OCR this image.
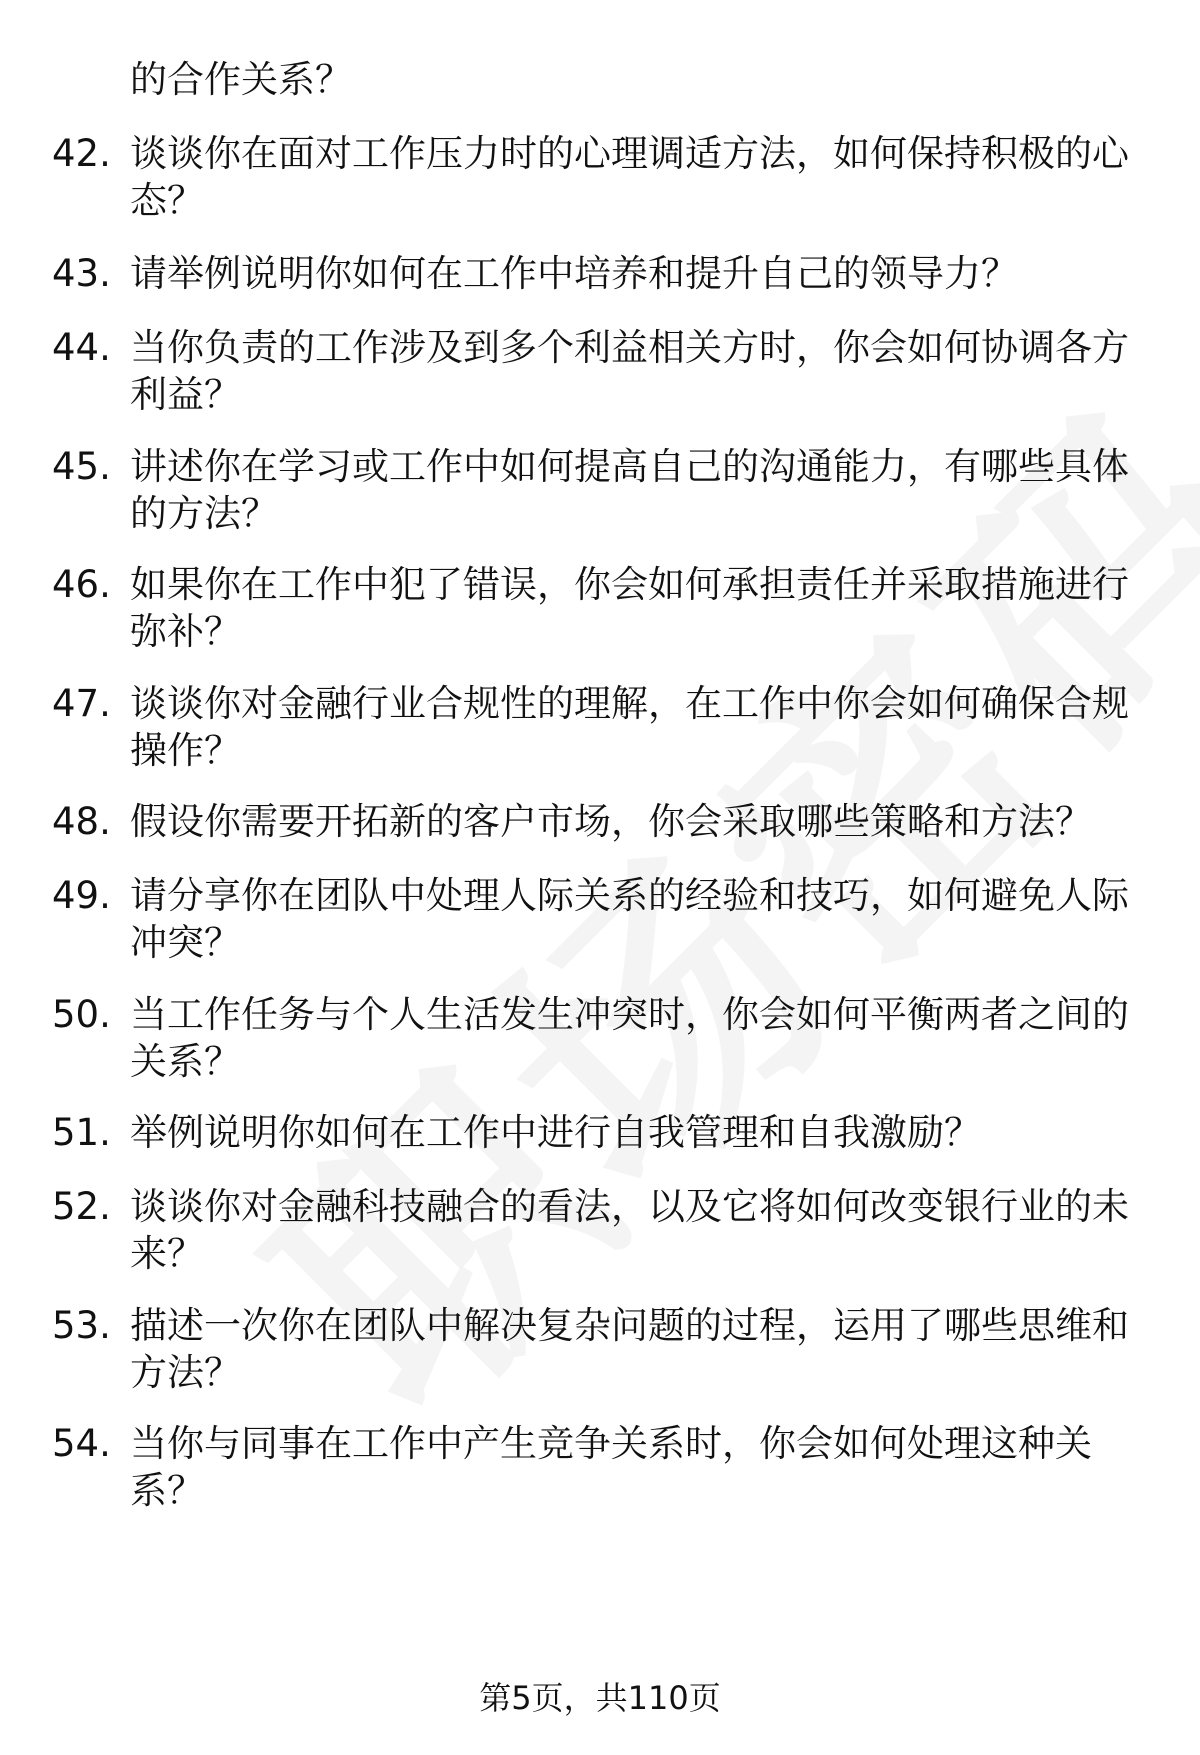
的合作关系？
42. 谈谈你在面对工作压力时的心理调适方法，如何保持积极的心态？
43. 请举例说明你如何在工作中培养和提升自己的领导力？
44. 当你负责的工作涉及到多个利益相关方时，你会如何协调各方利益？
45. 讲述你在学习或工作中如何提高自己的沟通能力，有哪些具体的方法？
46. 如果你在工作中犯了错误，你会如何承担责任并采取措施进行弥补？
47. 谈谈你对金融行业合规性的理解，在工作中你会如何确保合规操作？
48. 假设你需要开拓新的客户市场，你会采取哪些策略和方法？
49. 请分享你在团队中处理人际关系的经验和技巧，如何避免人际冲突？
50. 当工作任务与个人生活发生冲突时，你会如何平衡两者之间的关系？
51. 举例说明你如何在工作中进行自我管理和自我激励？
52. 谈谈你对金融科技融合的看法，以及它将如何改变银行业的未来？
53. 描述一次你在团队中解决复杂问题的过程，运用了哪些思维和方法？
54. 当你与同事在工作中产生竞争关系时，你会如何处理这种关系？
第5页，共110页
